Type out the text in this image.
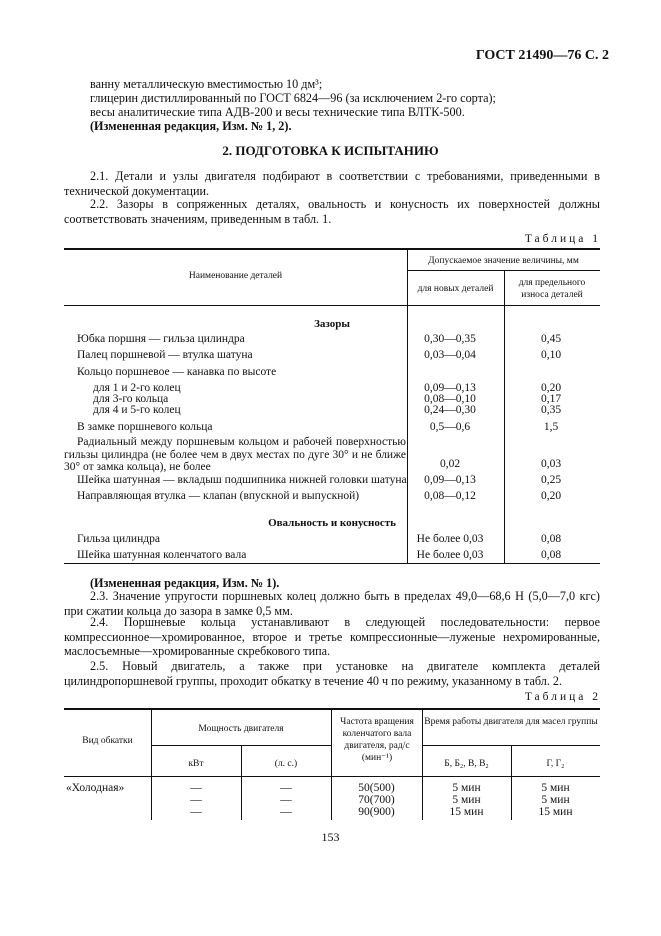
ГОСТ 21490—76 С. 2
ванну металлическую вместимостью 10 дм³;
глицерин дистиллированный по ГОСТ 6824—96 (за исключением 2-го сорта);
весы аналитические типа АДВ-200 и весы технические типа ВЛТК-500.
(Измененная редакция, Изм. № 1, 2).
2. ПОДГОТОВКА К ИСПЫТАНИЮ
2.1. Детали и узлы двигателя подбирают в соответствии с требованиями, приведенными в технической документации.
2.2. Зазоры в сопряженных деталях, овальность и конусность их поверхностей должны соответствовать значениям, приведенным в табл. 1.
Таблица 1
Наименование деталей
Допускаемое значение величины, мм
для новых деталей
для предельного износа деталей
Зазоры
Юбка поршня — гильза цилиндра	0,30—0,35	0,45
Палец поршневой — втулка шатуна	0,03—0,04	0,10
Кольцо поршневое — канавка по высоте
для 1 и 2-го колец	0,09—0,13	0,20
для 3-го кольца	0,08—0,10	0,17
для 4 и 5-го колец	0,24—0,30	0,35
В замке поршневого кольца	0,5—0,6	1,5
Радиальный между поршневым кольцом и рабочей поверхностью гильзы цилиндра (не более чем в двух местах по дуге 30° и не ближе 30° от замка кольца), не более	0,02	0,03
Шейка шатунная — вкладыш подшипника нижней головки шатуна	0,09—0,13	0,25
Направляющая втулка — клапан (впускной и выпускной)	0,08—0,12	0,20
Овальность и конусность
Гильза цилиндра	Не более 0,03	0,08
Шейка шатунная коленчатого вала	Не более 0,03	0,08
(Измененная редакция, Изм. № 1).
2.3. Значение упругости поршневых колец должно быть в пределах 49,0—68,6 Н (5,0—7,0 кгс) при сжатии кольца до зазора в замке 0,5 мм.
2.4. Поршневые кольца устанавливают в следующей последовательности: первое компрессионное—хромированное, второе и третье компрессионные—луженые нехромированные, маслосъемные—хромированные скребкового типа.
2.5. Новый двигатель, а также при установке на двигателе комплекта деталей цилиндропоршневой группы, проходит обкатку в течение 40 ч по режиму, указанному в табл. 2.
Таблица 2
Вид обкатки
Мощность двигателя
кВт	(л. с.)
Частота вращения коленчатого вала двигателя, рад/с (мин⁻¹)
Время работы двигателя для масел группы
Б, Б₂, В, В₂	Г, Г₂
«Холодная»	—	—	50(500)	5 мин	5 мин
—	—	70(700)	5 мин	5 мин
—	—	90(900)	15 мин	15 мин
153
